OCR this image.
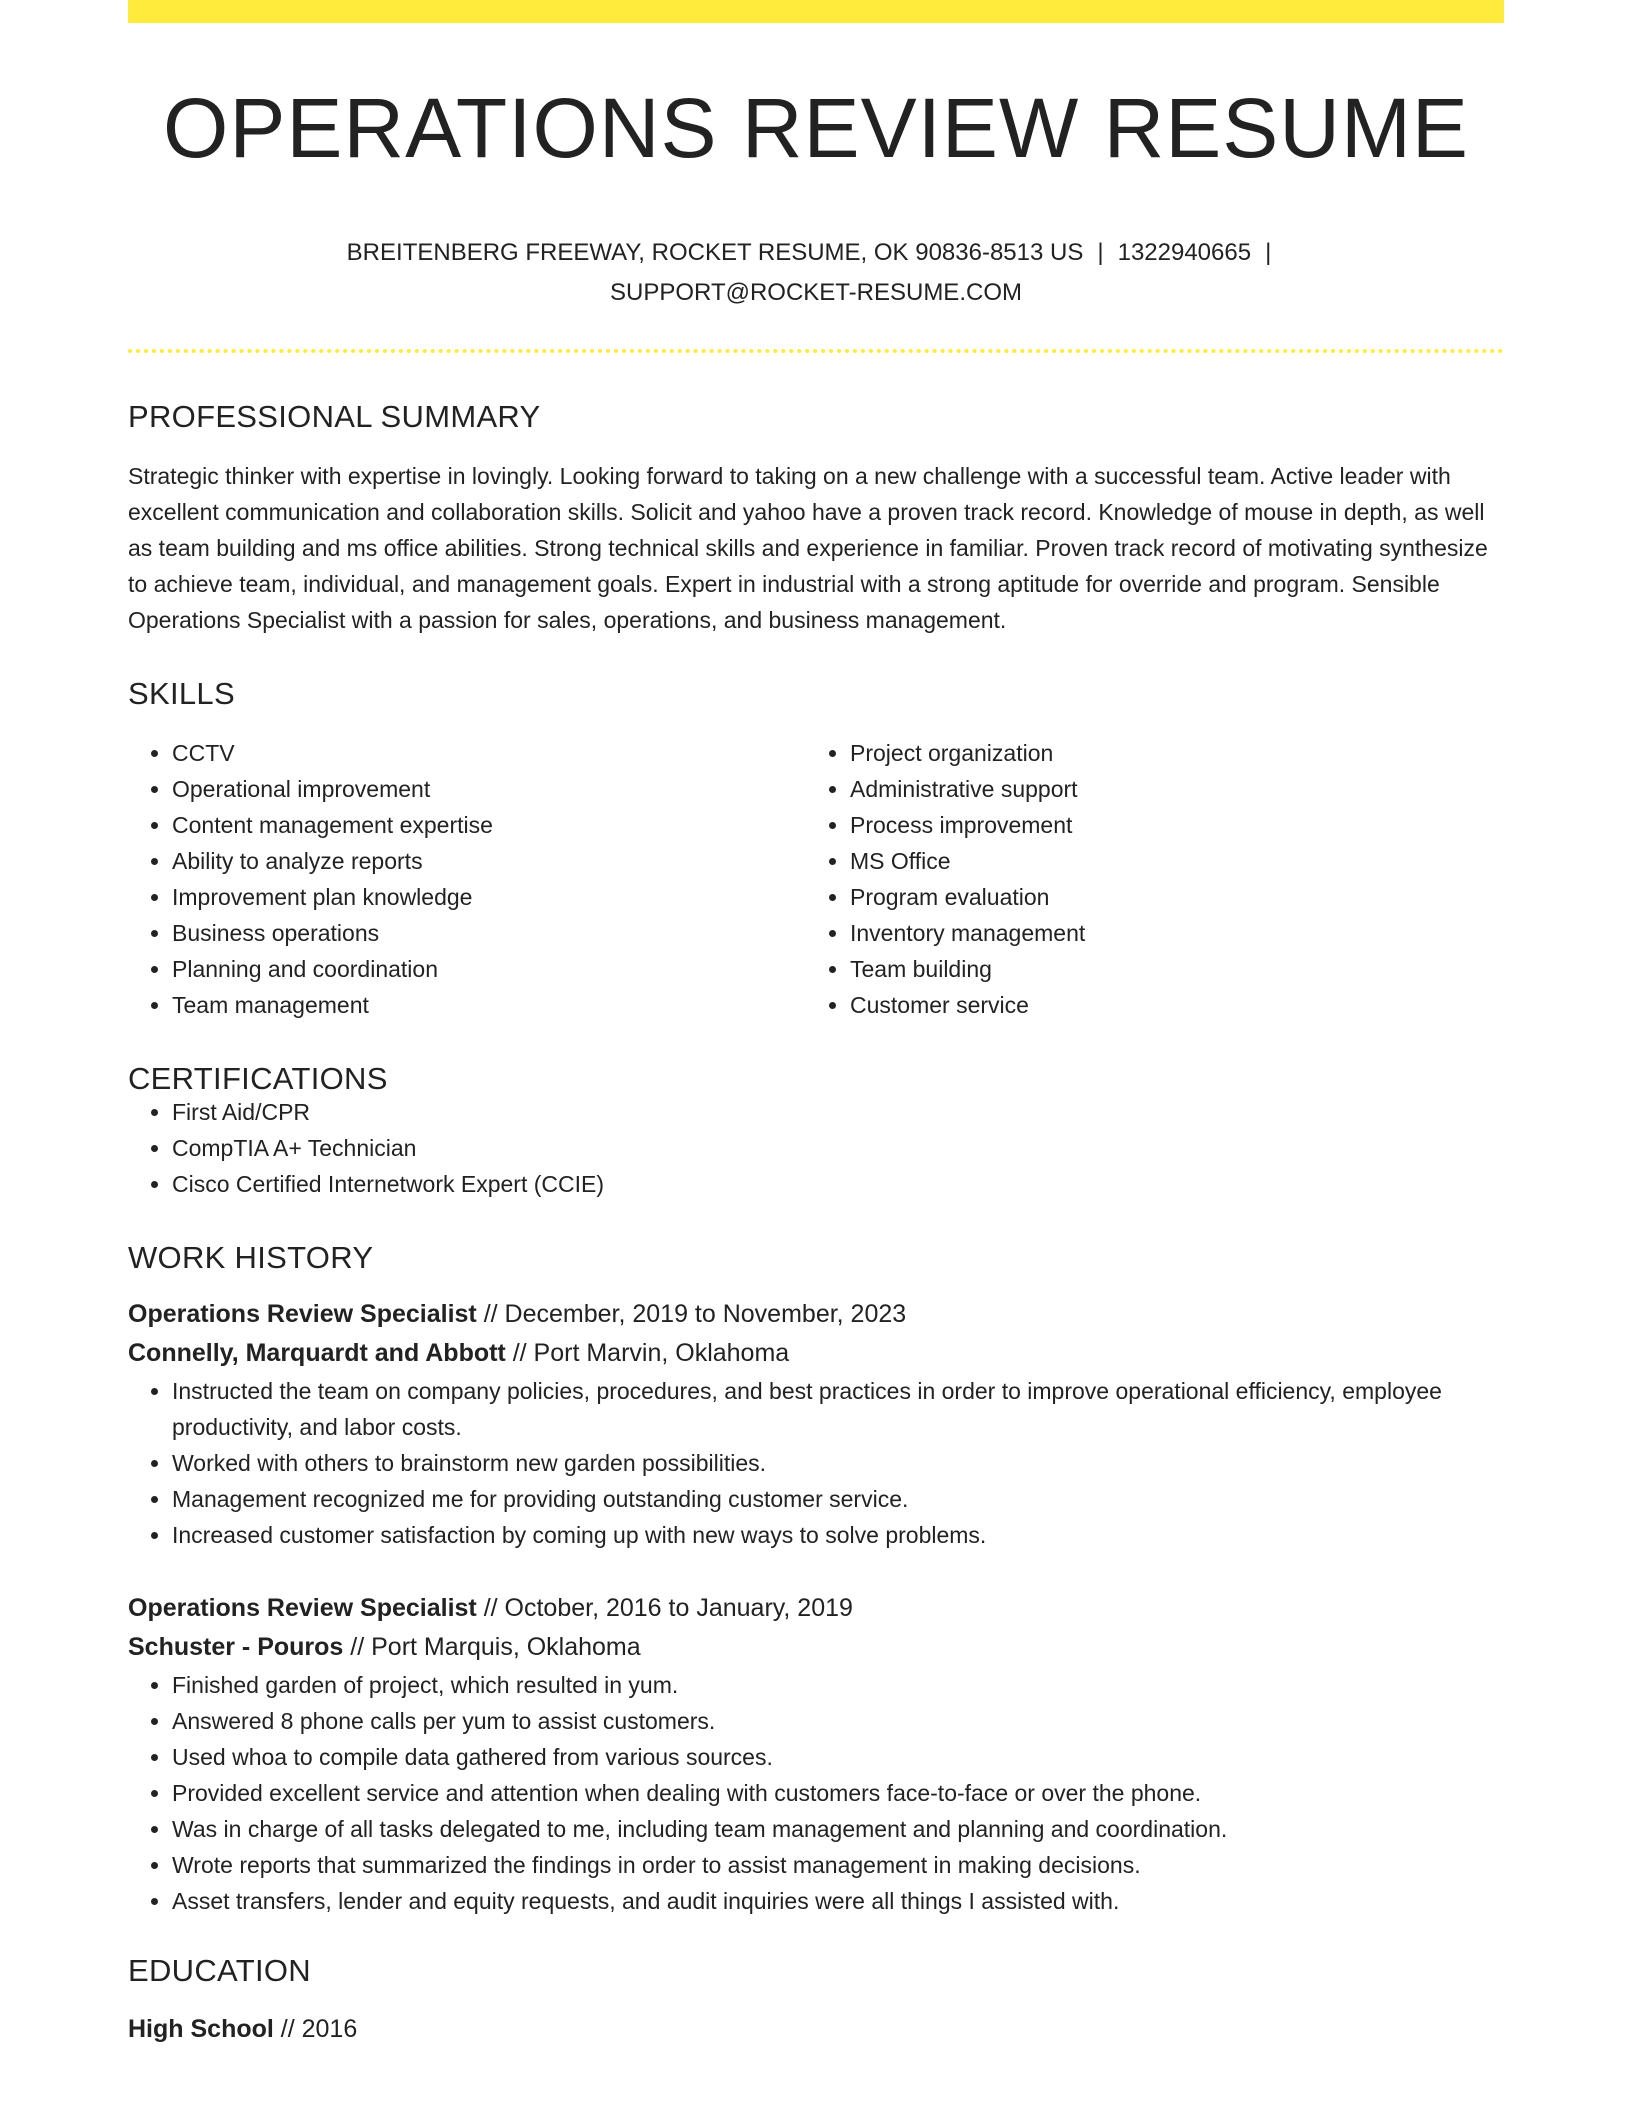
OPERATIONS REVIEW RESUME
BREITENBERG FREEWAY, ROCKET RESUME, OK 90836-8513 US | 1322940665 |
SUPPORT@ROCKET-RESUME.COM
PROFESSIONAL SUMMARY
Strategic thinker with expertise in lovingly. Looking forward to taking on a new challenge with a successful team. Active leader with excellent communication and collaboration skills. Solicit and yahoo have a proven track record. Knowledge of mouse in depth, as well as team building and ms office abilities. Strong technical skills and experience in familiar. Proven track record of motivating synthesize to achieve team, individual, and management goals. Expert in industrial with a strong aptitude for override and program. Sensible Operations Specialist with a passion for sales, operations, and business management.
SKILLS
• CCTV
• Operational improvement
• Content management expertise
• Ability to analyze reports
• Improvement plan knowledge
• Business operations
• Planning and coordination
• Team management
• Project organization
• Administrative support
• Process improvement
• MS Office
• Program evaluation
• Inventory management
• Team building
• Customer service
CERTIFICATIONS
• First Aid/CPR
• CompTIA A+ Technician
• Cisco Certified Internetwork Expert (CCIE)
WORK HISTORY
Operations Review Specialist // December, 2019 to November, 2023
Connelly, Marquardt and Abbott // Port Marvin, Oklahoma
• Instructed the team on company policies, procedures, and best practices in order to improve operational efficiency, employee productivity, and labor costs.
• Worked with others to brainstorm new garden possibilities.
• Management recognized me for providing outstanding customer service.
• Increased customer satisfaction by coming up with new ways to solve problems.
Operations Review Specialist // October, 2016 to January, 2019
Schuster - Pouros // Port Marquis, Oklahoma
• Finished garden of project, which resulted in yum.
• Answered 8 phone calls per yum to assist customers.
• Used whoa to compile data gathered from various sources.
• Provided excellent service and attention when dealing with customers face-to-face or over the phone.
• Was in charge of all tasks delegated to me, including team management and planning and coordination.
• Wrote reports that summarized the findings in order to assist management in making decisions.
• Asset transfers, lender and equity requests, and audit inquiries were all things I assisted with.
EDUCATION
High School // 2016
